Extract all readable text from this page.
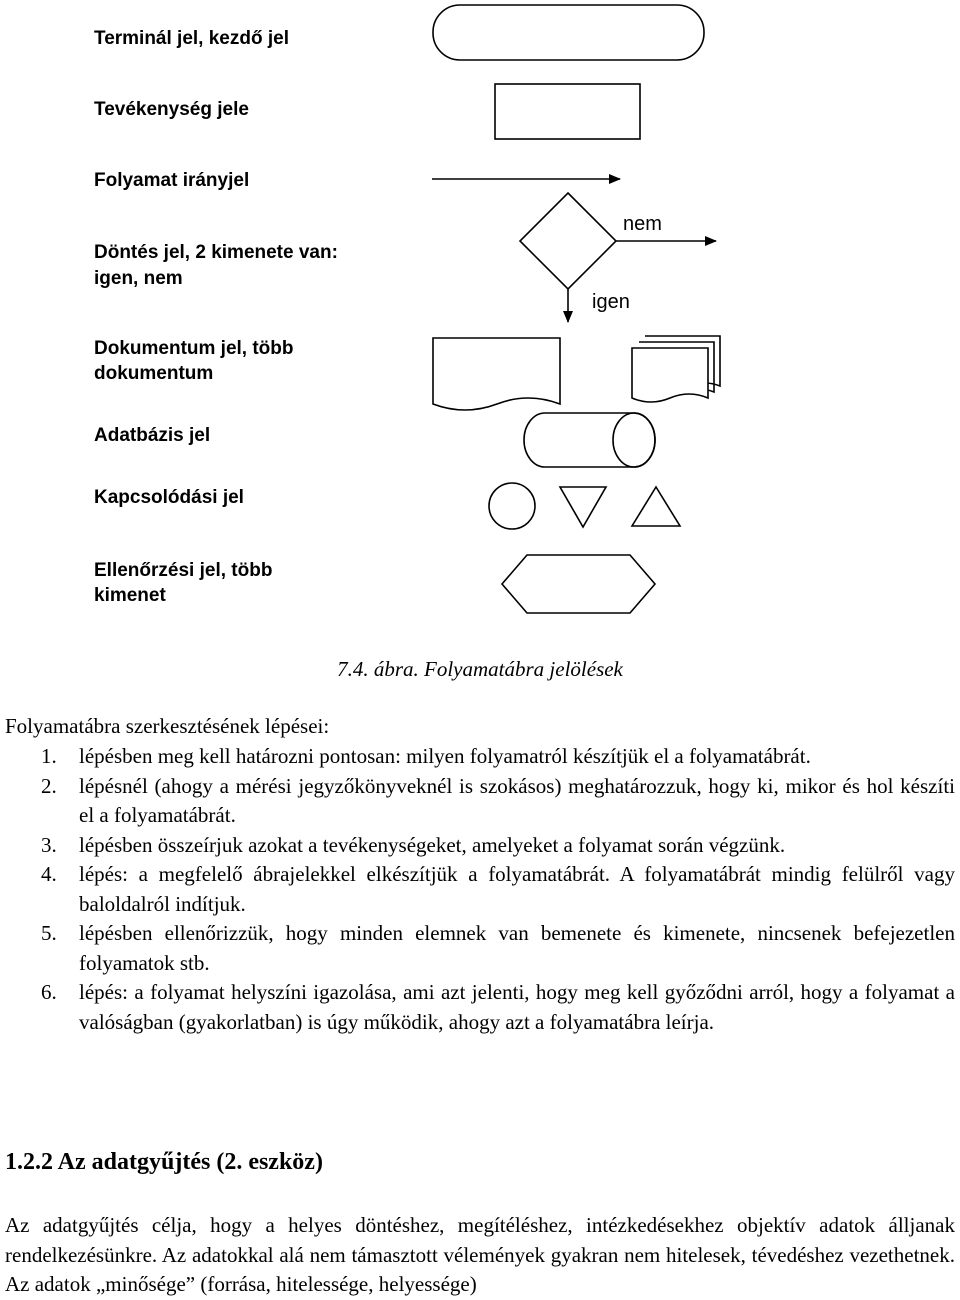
Terminál jel, kezdő jel
Tevékenység jele
Folyamat irányjel
Döntés jel, 2 kimenete van:
igen, nem
Dokumentum jel, több
dokumentum
Adatbázis jel
Kapcsolódási jel
Ellenőrzési jel, több
kimenet
nem
igen
7.4. ábra. Folyamatábra jelölések
Folyamatábra szerkesztésének lépései:
1. lépésben meg kell határozni pontosan: milyen folyamatról készítjük el a folyamatábrát.
2. lépésnél (ahogy a mérési jegyzőkönyveknél is szokásos) meghatározzuk, hogy ki, mikor és hol készíti el a folyamatábrát.
3. lépésben összeírjuk azokat a tevékenységeket, amelyeket a folyamat során végzünk.
4. lépés: a megfelelő ábrajelekkel elkészítjük a folyamatábrát. A folyamatábrát mindig felülről vagy baloldalról indítjuk.
5. lépésben ellenőrizzük, hogy minden elemnek van bemenete és kimenete, nincsenek befejezetlen folyamatok stb.
6. lépés: a folyamat helyszíni igazolása, ami azt jelenti, hogy meg kell győződni arról, hogy a folyamat a valóságban (gyakorlatban) is úgy működik, ahogy azt a folyamatábra leírja.
1.2.2 Az adatgyűjtés (2. eszköz)
Az adatgyűjtés célja, hogy a helyes döntéshez, megítéléshez, intézkedésekhez objektív adatok álljanak rendelkezésünkre. Az adatokkal alá nem támasztott vélemények gyakran nem hitelesek, tévedéshez vezethetnek. Az adatok „minősége” (forrása, hitelessége, helyessége)
